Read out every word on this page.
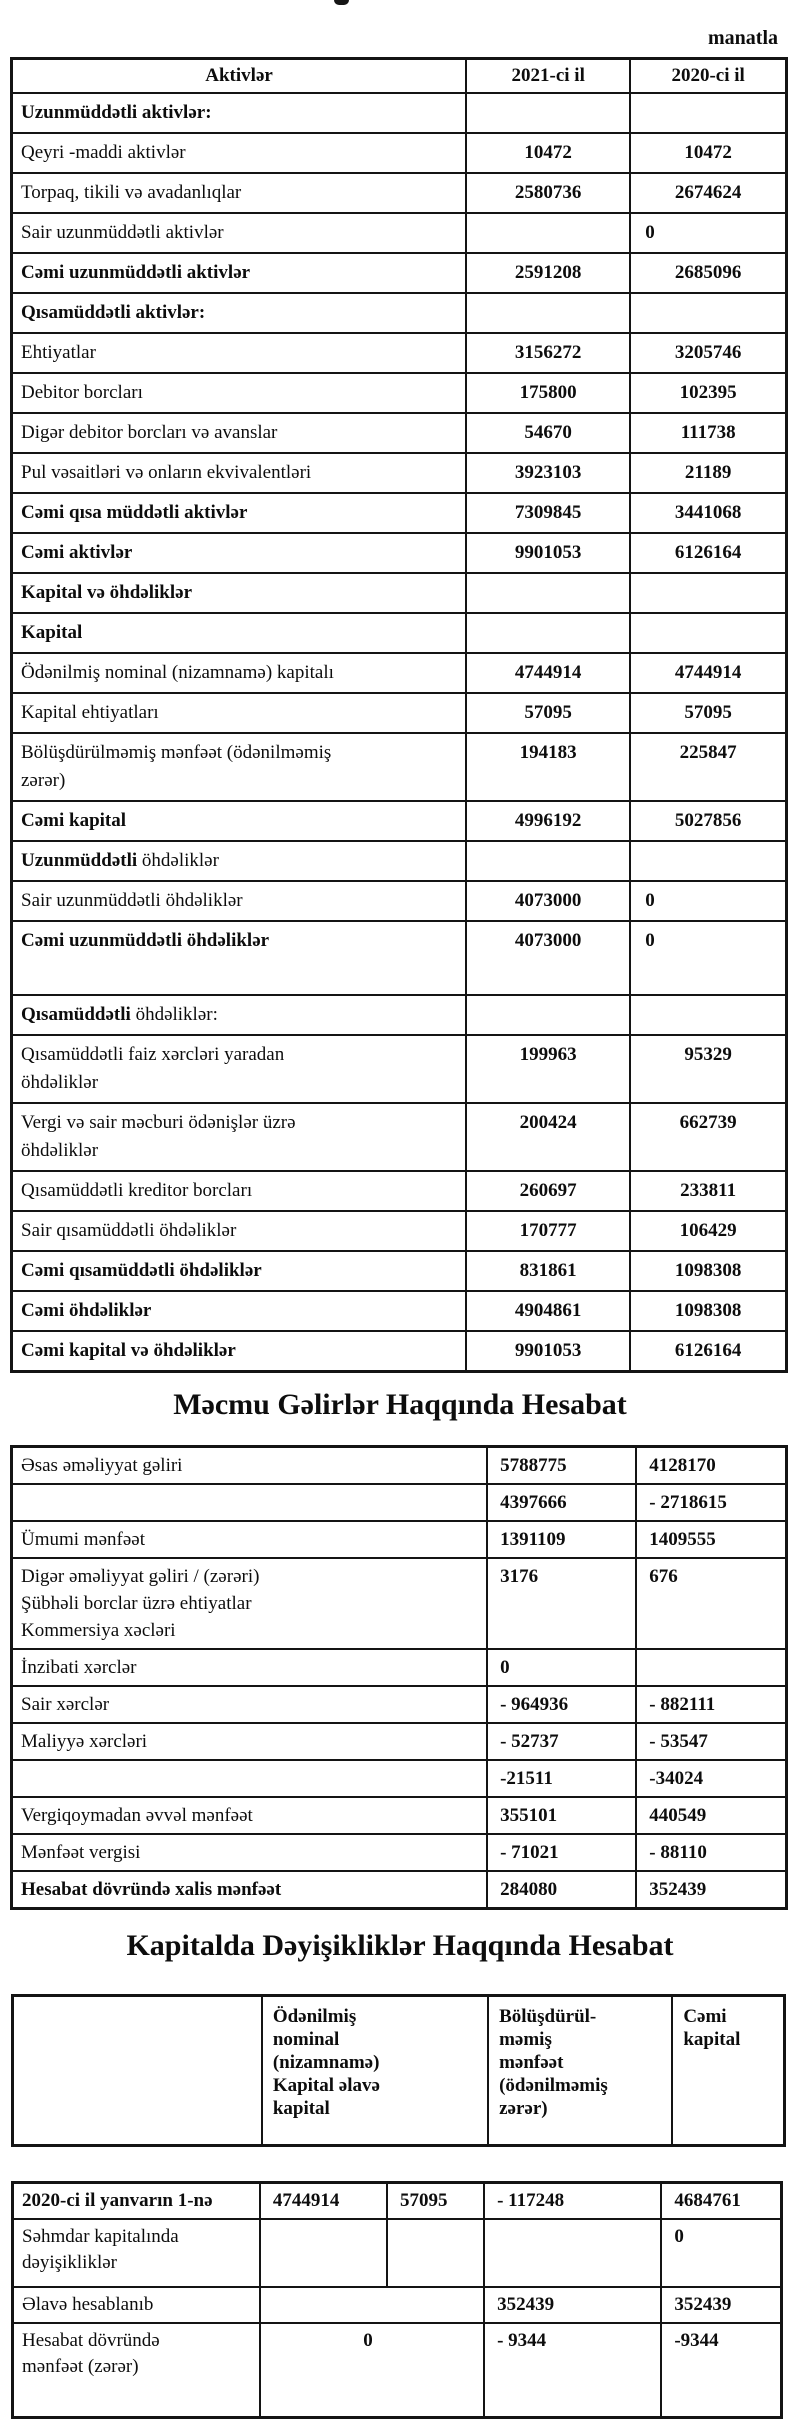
manatla
Aktivlər	2021-ci il	2020-ci il
Uzunmüddətli aktivlər:		
Qeyri -maddi aktivlər	10472	10472
Torpaq, tikili və avadanlıqlar	2580736	2674624
Sair uzunmüddətli aktivlər		0
Cəmi uzunmüddətli aktivlər	2591208	2685096
Qısamüddətli aktivlər:		
Ehtiyatlar	3156272	3205746
Debitor borcları	175800	102395
Digər debitor borcları və avanslar	54670	111738
Pul vəsaitləri və onların ekvivalentləri	3923103	21189
Cəmi qısa müddətli aktivlər	7309845	3441068
Cəmi aktivlər	9901053	6126164
Kapital və öhdəliklər		
Kapital		
Ödənilmiş nominal (nizamnamə) kapitalı	4744914	4744914
Kapital ehtiyatları	57095	57095
Bölüşdürülməmiş mənfəət (ödənilməmiş
zərər)	194183	225847
Cəmi kapital	4996192	5027856
Uzunmüddətli öhdəliklər		
Sair uzunmüddətli öhdəliklər	4073000	0
Cəmi uzunmüddətli öhdəliklər	4073000	0
Qısamüddətli öhdəliklər:		
Qısamüddətli faiz xərcləri yaradan
öhdəliklər	199963	95329
Vergi və sair məcburi ödənişlər üzrə
öhdəliklər	200424	662739
Qısamüddətli kreditor borcları	260697	233811
Sair qısamüddətli öhdəliklər	170777	106429
Cəmi qısamüddətli öhdəliklər	831861	1098308
Cəmi öhdəliklər	4904861	1098308
Cəmi kapital və öhdəliklər	9901053	6126164
Məcmu Gəlirlər Haqqında Hesabat
Əsas əməliyyat gəliri	5788775	4128170
	4397666	- 2718615
Ümumi mənfəət	1391109	1409555
Digər əməliyyat gəliri / (zərəri)
Şübhəli borclar üzrə ehtiyatlar
Kommersiya xəcləri	3176	676
İnzibati xərclər	0	
Sair xərclər	- 964936	- 882111
Maliyyə xərcləri	- 52737	- 53547
	-21511	-34024
Vergiqoymadan əvvəl mənfəət	355101	440549
Mənfəət vergisi	- 71021	- 88110
Hesabat dövründə xalis mənfəət	284080	352439
Kapitalda Dəyişikliklər Haqqında Hesabat
	Ödənilmiş
nominal
(nizamnamə)
Kapital əlavə
kapital	Bölüşdürül-
məmiş
mənfəət
(ödənilməmiş
zərər)	Cəmi
kapital
2020-ci il yanvarın 1-nə	4744914	57095	- 117248	4684761
Səhmdar kapitalında
dəyişikliklər				0
Əlavə hesablanıb			352439	352439
Hesabat dövründə
mənfəət (zərər)	0		- 9344	-9344
